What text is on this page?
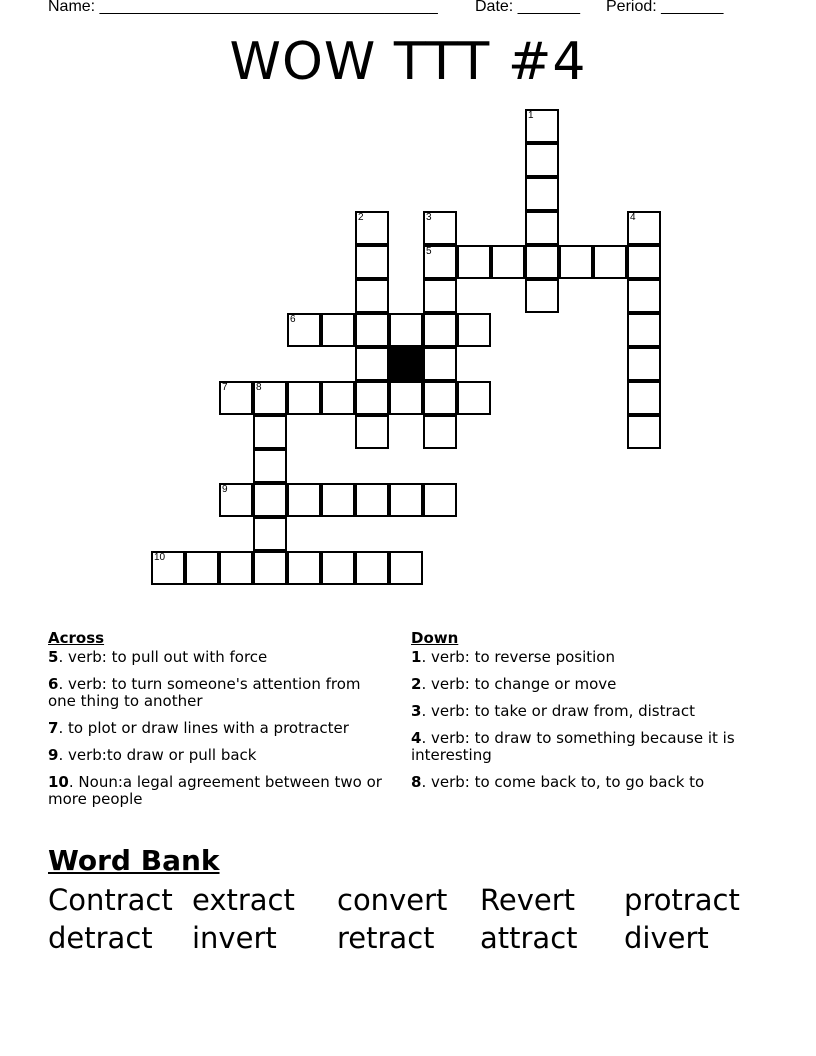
Name: ______________________________________ Date: _______ Period: _______
WOW TTT #4
1
2	3
5
4
6
7	8
9
10
Across
5. verb: to pull out with force
6. verb: to turn someone's attention from one thing to another
7. to plot or draw lines with a protracter
9. verb:to draw or pull back
10. Noun:a legal agreement between two or more people
Down
1. verb: to reverse position
2. verb: to change or move
3. verb: to take or draw from, distract
4. verb: to draw to something because it is interesting
8. verb: to come back to, to go back to
Word Bank
Contract extract convert Revert protract
detract invert retract attract divert
